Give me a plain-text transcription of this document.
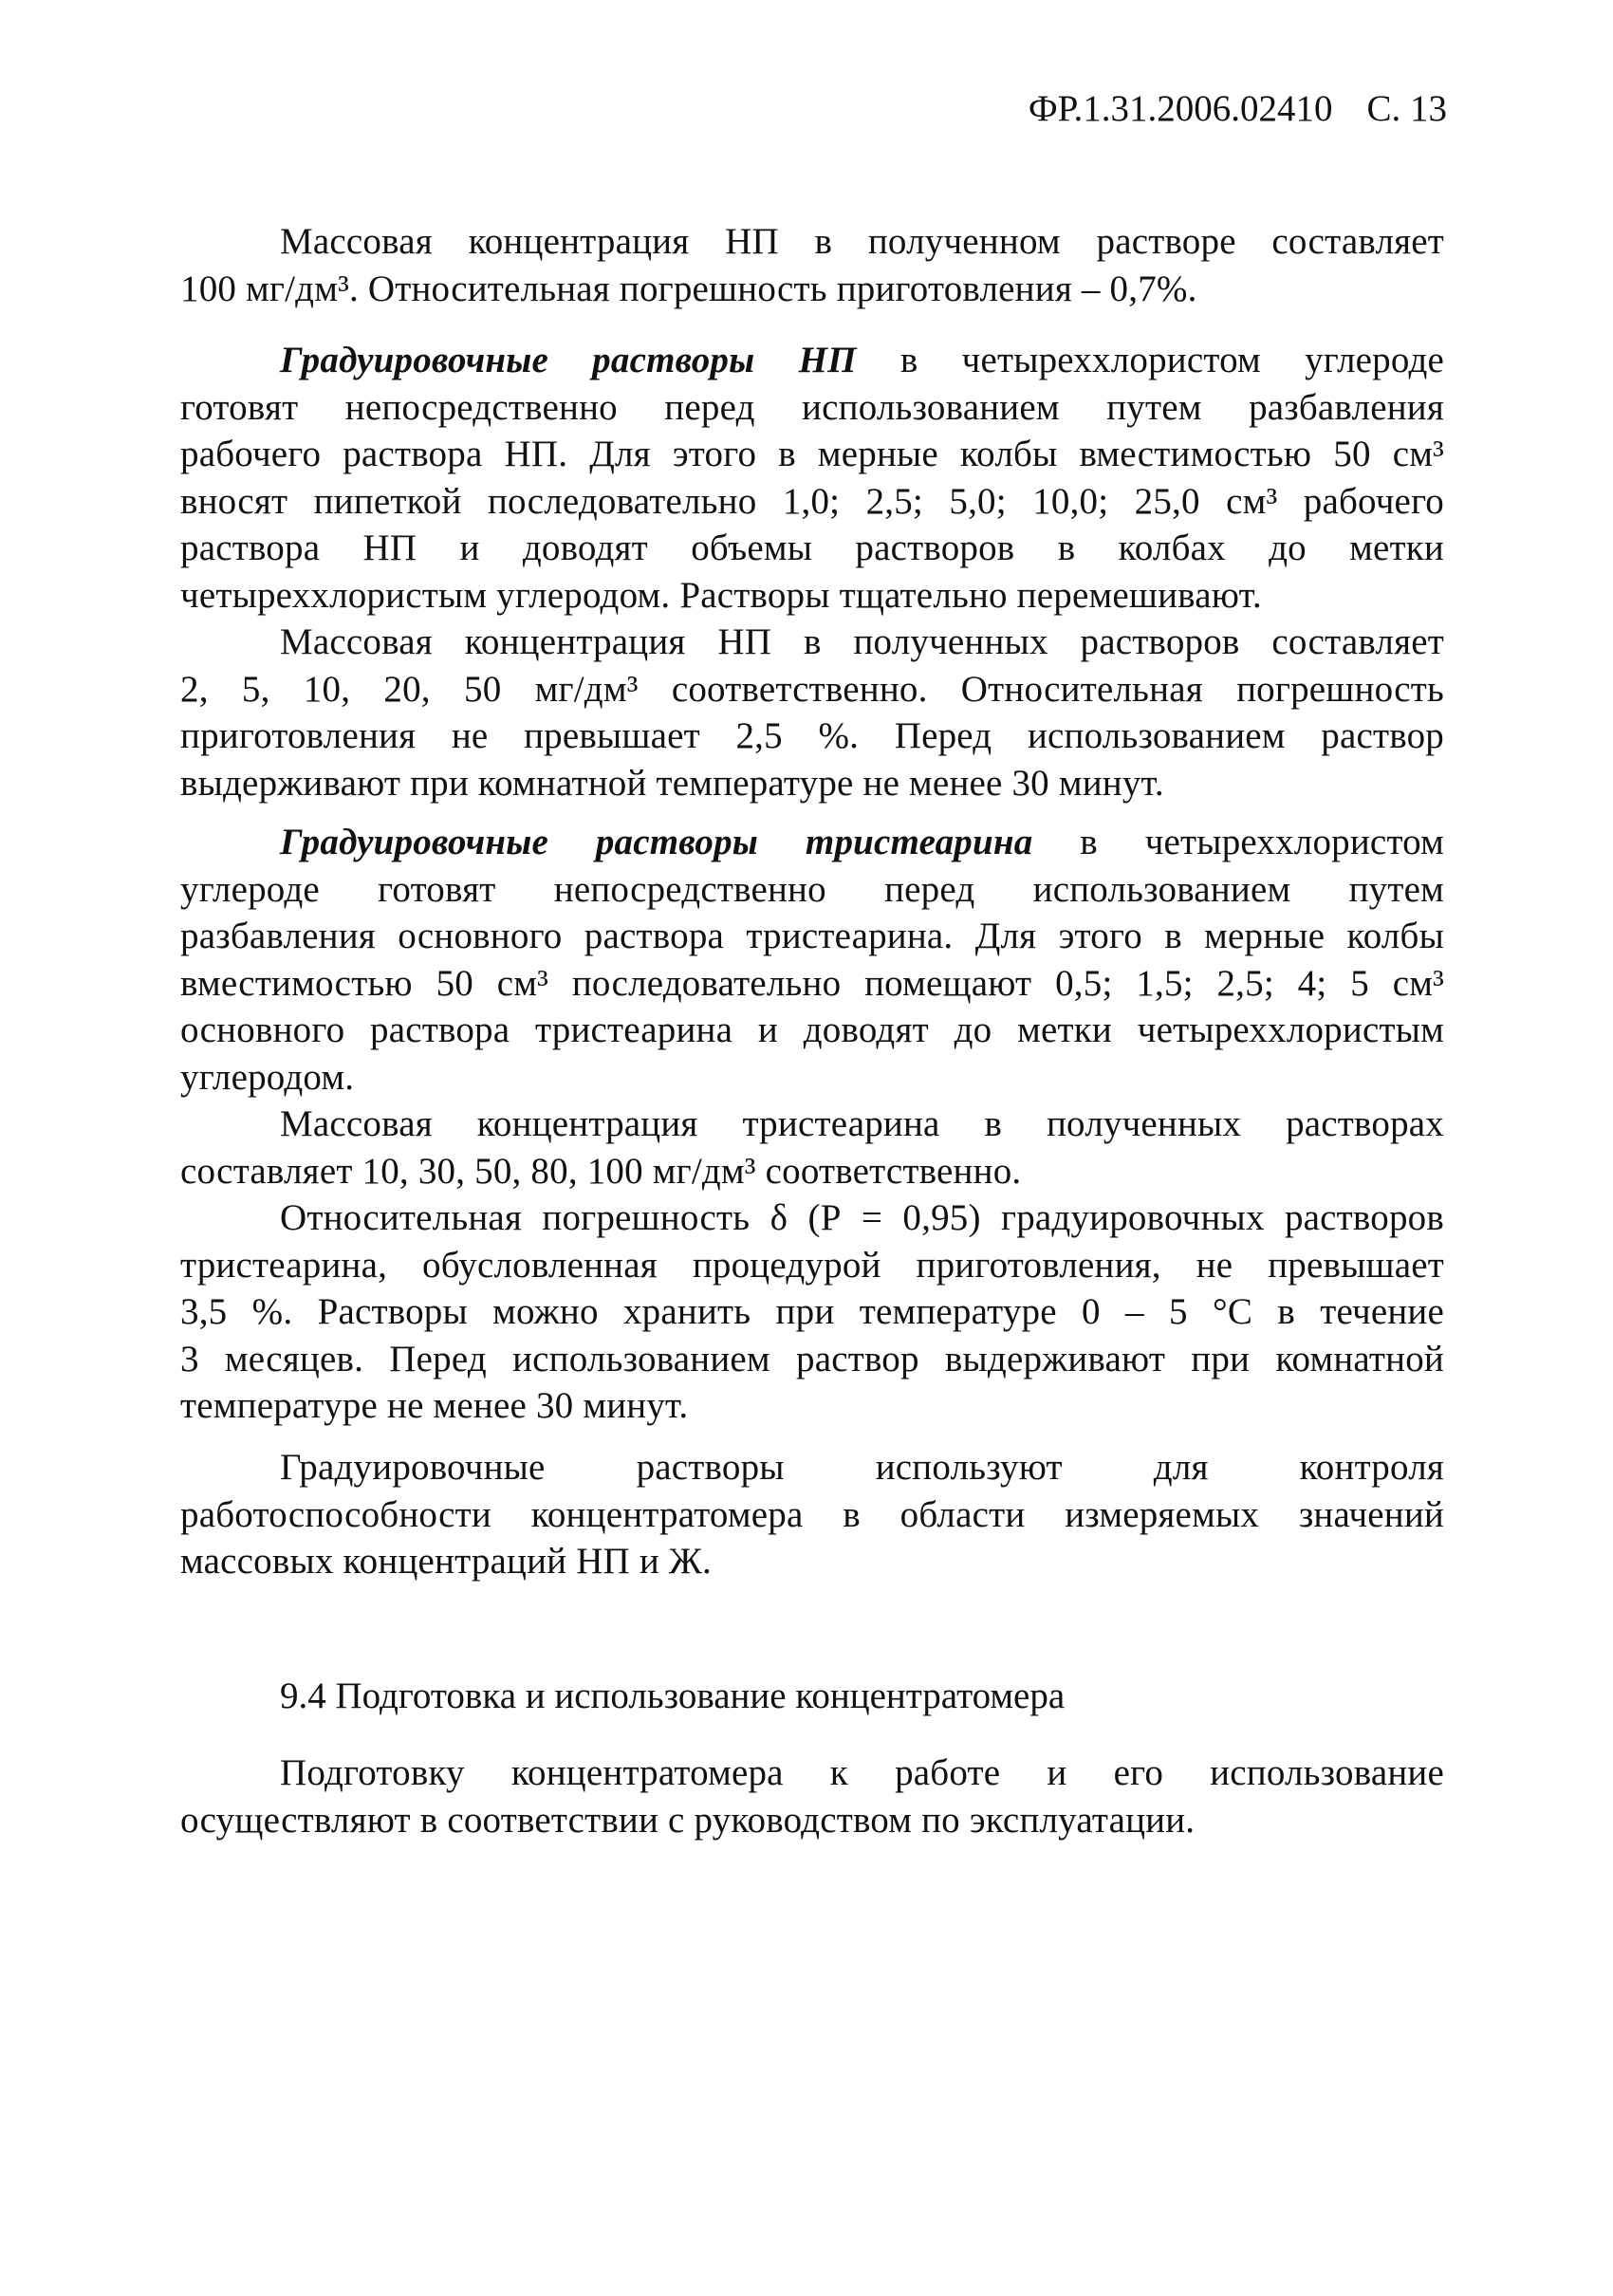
ФР.1.31.2006.02410 С. 13
Массовая концентрация НП в полученном растворе составляет
100 мг/дм³. Относительная погрешность приготовления – 0,7%.
Градуировочные растворы НП в четыреххлористом углероде
готовят непосредственно перед использованием путем разбавления
рабочего раствора НП. Для этого в мерные колбы вместимостью 50 см³
вносят пипеткой последовательно 1,0; 2,5; 5,0; 10,0; 25,0 см³ рабочего
раствора НП и доводят объемы растворов в колбах до метки
четыреххлористым углеродом. Растворы тщательно перемешивают.
Массовая концентрация НП в полученных растворов составляет
2, 5, 10, 20, 50 мг/дм³ соответственно. Относительная погрешность
приготовления не превышает 2,5 %. Перед использованием раствор
выдерживают при комнатной температуре не менее 30 минут.
Градуировочные растворы тристеарина в четыреххлористом
углероде готовят непосредственно перед использованием путем
разбавления основного раствора тристеарина. Для этого в мерные колбы
вместимостью 50 см³ последовательно помещают 0,5; 1,5; 2,5; 4; 5 см³
основного раствора тристеарина и доводят до метки четыреххлористым
углеродом.
Массовая концентрация тристеарина в полученных растворах
составляет 10, 30, 50, 80, 100 мг/дм³ соответственно.
Относительная погрешность δ (Р = 0,95) градуировочных растворов
тристеарина, обусловленная процедурой приготовления, не превышает
3,5 %. Растворы можно хранить при температуре 0 – 5 °С в течение
3 месяцев. Перед использованием раствор выдерживают при комнатной
температуре не менее 30 минут.
Градуировочные растворы используют для контроля
работоспособности концентратомера в области измеряемых значений
массовых концентраций НП и Ж.
9.4 Подготовка и использование концентратомера
Подготовку концентратомера к работе и его использование
осуществляют в соответствии с руководством по эксплуатации.
